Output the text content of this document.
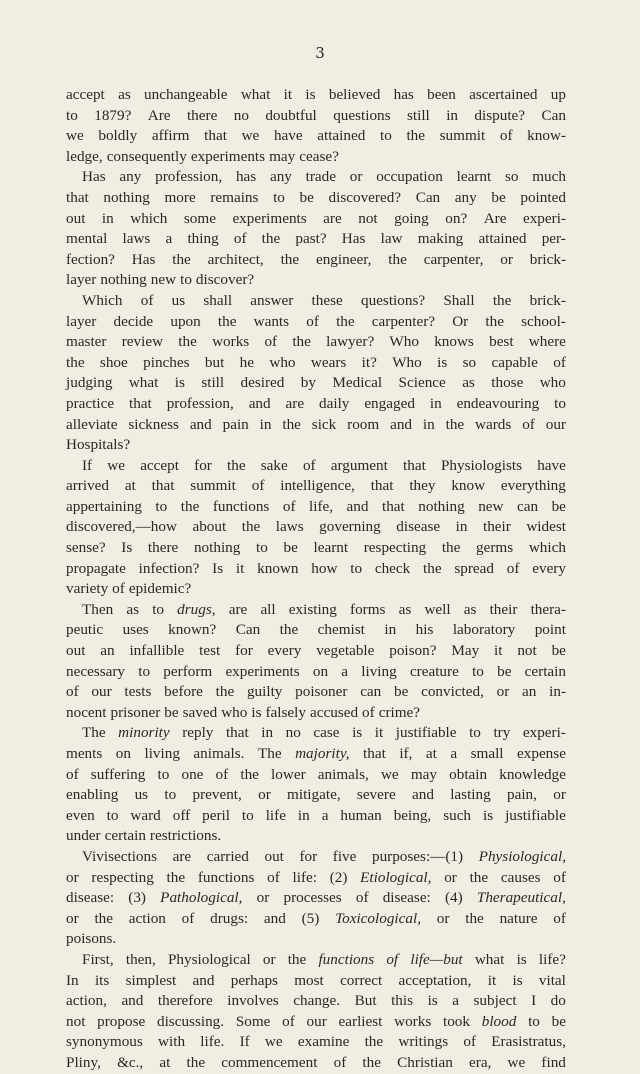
3
accept as unchangeable what it is believed has been ascertained up
to 1879? Are there no doubtful questions still in dispute? Can
we boldly affirm that we have attained to the summit of know-
ledge, consequently experiments may cease?
Has any profession, has any trade or occupation learnt so much
that nothing more remains to be discovered? Can any be pointed
out in which some experiments are not going on? Are experi-
mental laws a thing of the past? Has law making attained per-
fection? Has the architect, the engineer, the carpenter, or brick-
layer nothing new to discover?
Which of us shall answer these questions? Shall the brick-
layer decide upon the wants of the carpenter? Or the school-
master review the works of the lawyer? Who knows best where
the shoe pinches but he who wears it? Who is so capable of
judging what is still desired by Medical Science as those who
practice that profession, and are daily engaged in endeavouring to
alleviate sickness and pain in the sick room and in the wards of our
Hospitals?
If we accept for the sake of argument that Physiologists have
arrived at that summit of intelligence, that they know everything
appertaining to the functions of life, and that nothing new can be
discovered,—how about the laws governing disease in their widest
sense? Is there nothing to be learnt respecting the germs which
propagate infection? Is it known how to check the spread of every
variety of epidemic?
Then as to drugs, are all existing forms as well as their thera-
peutic uses known? Can the chemist in his laboratory point
out an infallible test for every vegetable poison? May it not be
necessary to perform experiments on a living creature to be certain
of our tests before the guilty poisoner can be convicted, or an in-
nocent prisoner be saved who is falsely accused of crime?
The minority reply that in no case is it justifiable to try experi-
ments on living animals. The majority, that if, at a small expense
of suffering to one of the lower animals, we may obtain knowledge
enabling us to prevent, or mitigate, severe and lasting pain, or
even to ward off peril to life in a human being, such is justifiable
under certain restrictions.
Vivisections are carried out for five purposes:—(1) Physiological,
or respecting the functions of life: (2) Etiological, or the causes of
disease: (3) Pathological, or processes of disease: (4) Therapeutical,
or the action of drugs: and (5) Toxicological, or the nature of
poisons.
First, then, Physiological or the functions of life—but what is life?
In its simplest and perhaps most correct acceptation, it is vital
action, and therefore involves change. But this is a subject I do
not propose discussing. Some of our earliest works took blood to be
synonymous with life. If we examine the writings of Erasistratus,
Pliny, &c., at the commencement of the Christian era, we find
